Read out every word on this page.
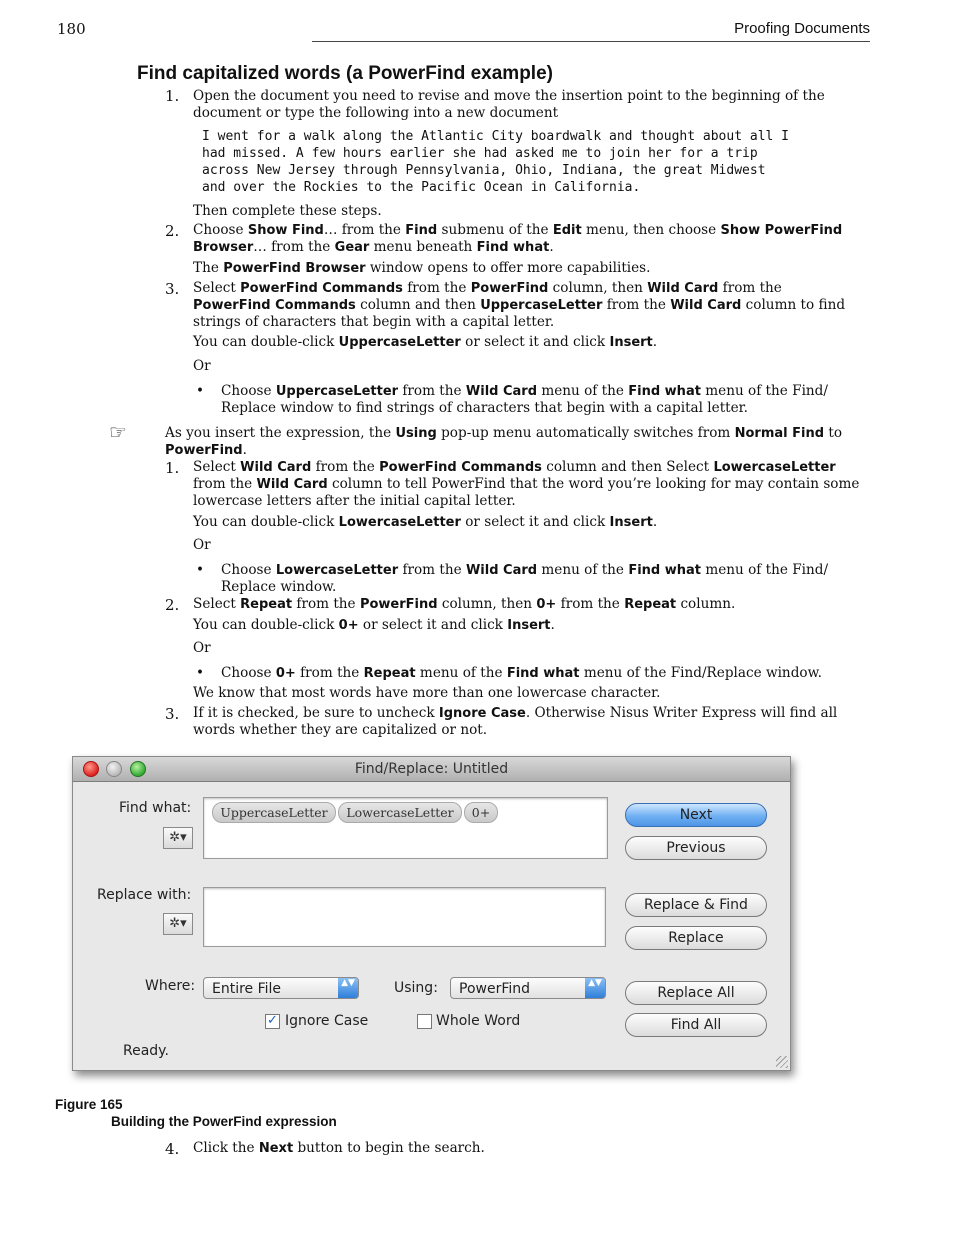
180	Proofing Documents
Find capitalized words (a PowerFind example)
1. Open the document you need to revise and move the insertion point to the beginning of the
document or type the following into a new document
I went for a walk along the Atlantic City boardwalk and thought about all I
had missed. A few hours earlier she had asked me to join her for a trip
across New Jersey through Pennsylvania, Ohio, Indiana, the great Midwest
and over the Rockies to the Pacific Ocean in California.
Then complete these steps.
2. Choose Show Find… from the Find submenu of the Edit menu, then choose Show PowerFind
Browser… from the Gear menu beneath Find what.
The PowerFind Browser window opens to offer more capabilities.
3. Select PowerFind Commands from the PowerFind column, then Wild Card from the
PowerFind Commands column and then UppercaseLetter from the Wild Card column to find
strings of characters that begin with a capital letter.
You can double-click UppercaseLetter or select it and click Insert.
Or
• Choose UppercaseLetter from the Wild Card menu of the Find what menu of the Find/
Replace window to find strings of characters that begin with a capital letter.
☞	As you insert the expression, the Using pop-up menu automatically switches from Normal Find to
PowerFind.
1. Select Wild Card from the PowerFind Commands column and then Select LowercaseLetter
from the Wild Card column to tell PowerFind that the word you’re looking for may contain some
lowercase letters after the initial capital letter.
You can double-click LowercaseLetter or select it and click Insert.
Or
• Choose LowercaseLetter from the Wild Card menu of the Find what menu of the Find/
Replace window.
2. Select Repeat from the PowerFind column, then 0+ from the Repeat column.
You can double-click 0+ or select it and click Insert.
Or
• Choose 0+ from the Repeat menu of the Find what menu of the Find/Replace window.
We know that most words have more than one lowercase character.
3. If it is checked, be sure to uncheck Ignore Case. Otherwise Nisus Writer Express will find all
words whether they are capitalized or not.
Find/Replace: Untitled
Find what:
✲▾
UppercaseLetter	LowercaseLetter	0+
Replace with:
✲▾
Next
Previous
Replace & Find
Replace
Where:	Entire File	▲▼	Using:	PowerFind	▲▼
✓ Ignore Case	Whole Word
Replace All
Find All
Ready.
Figure 165
Building the PowerFind expression
4. Click the Next button to begin the search.
